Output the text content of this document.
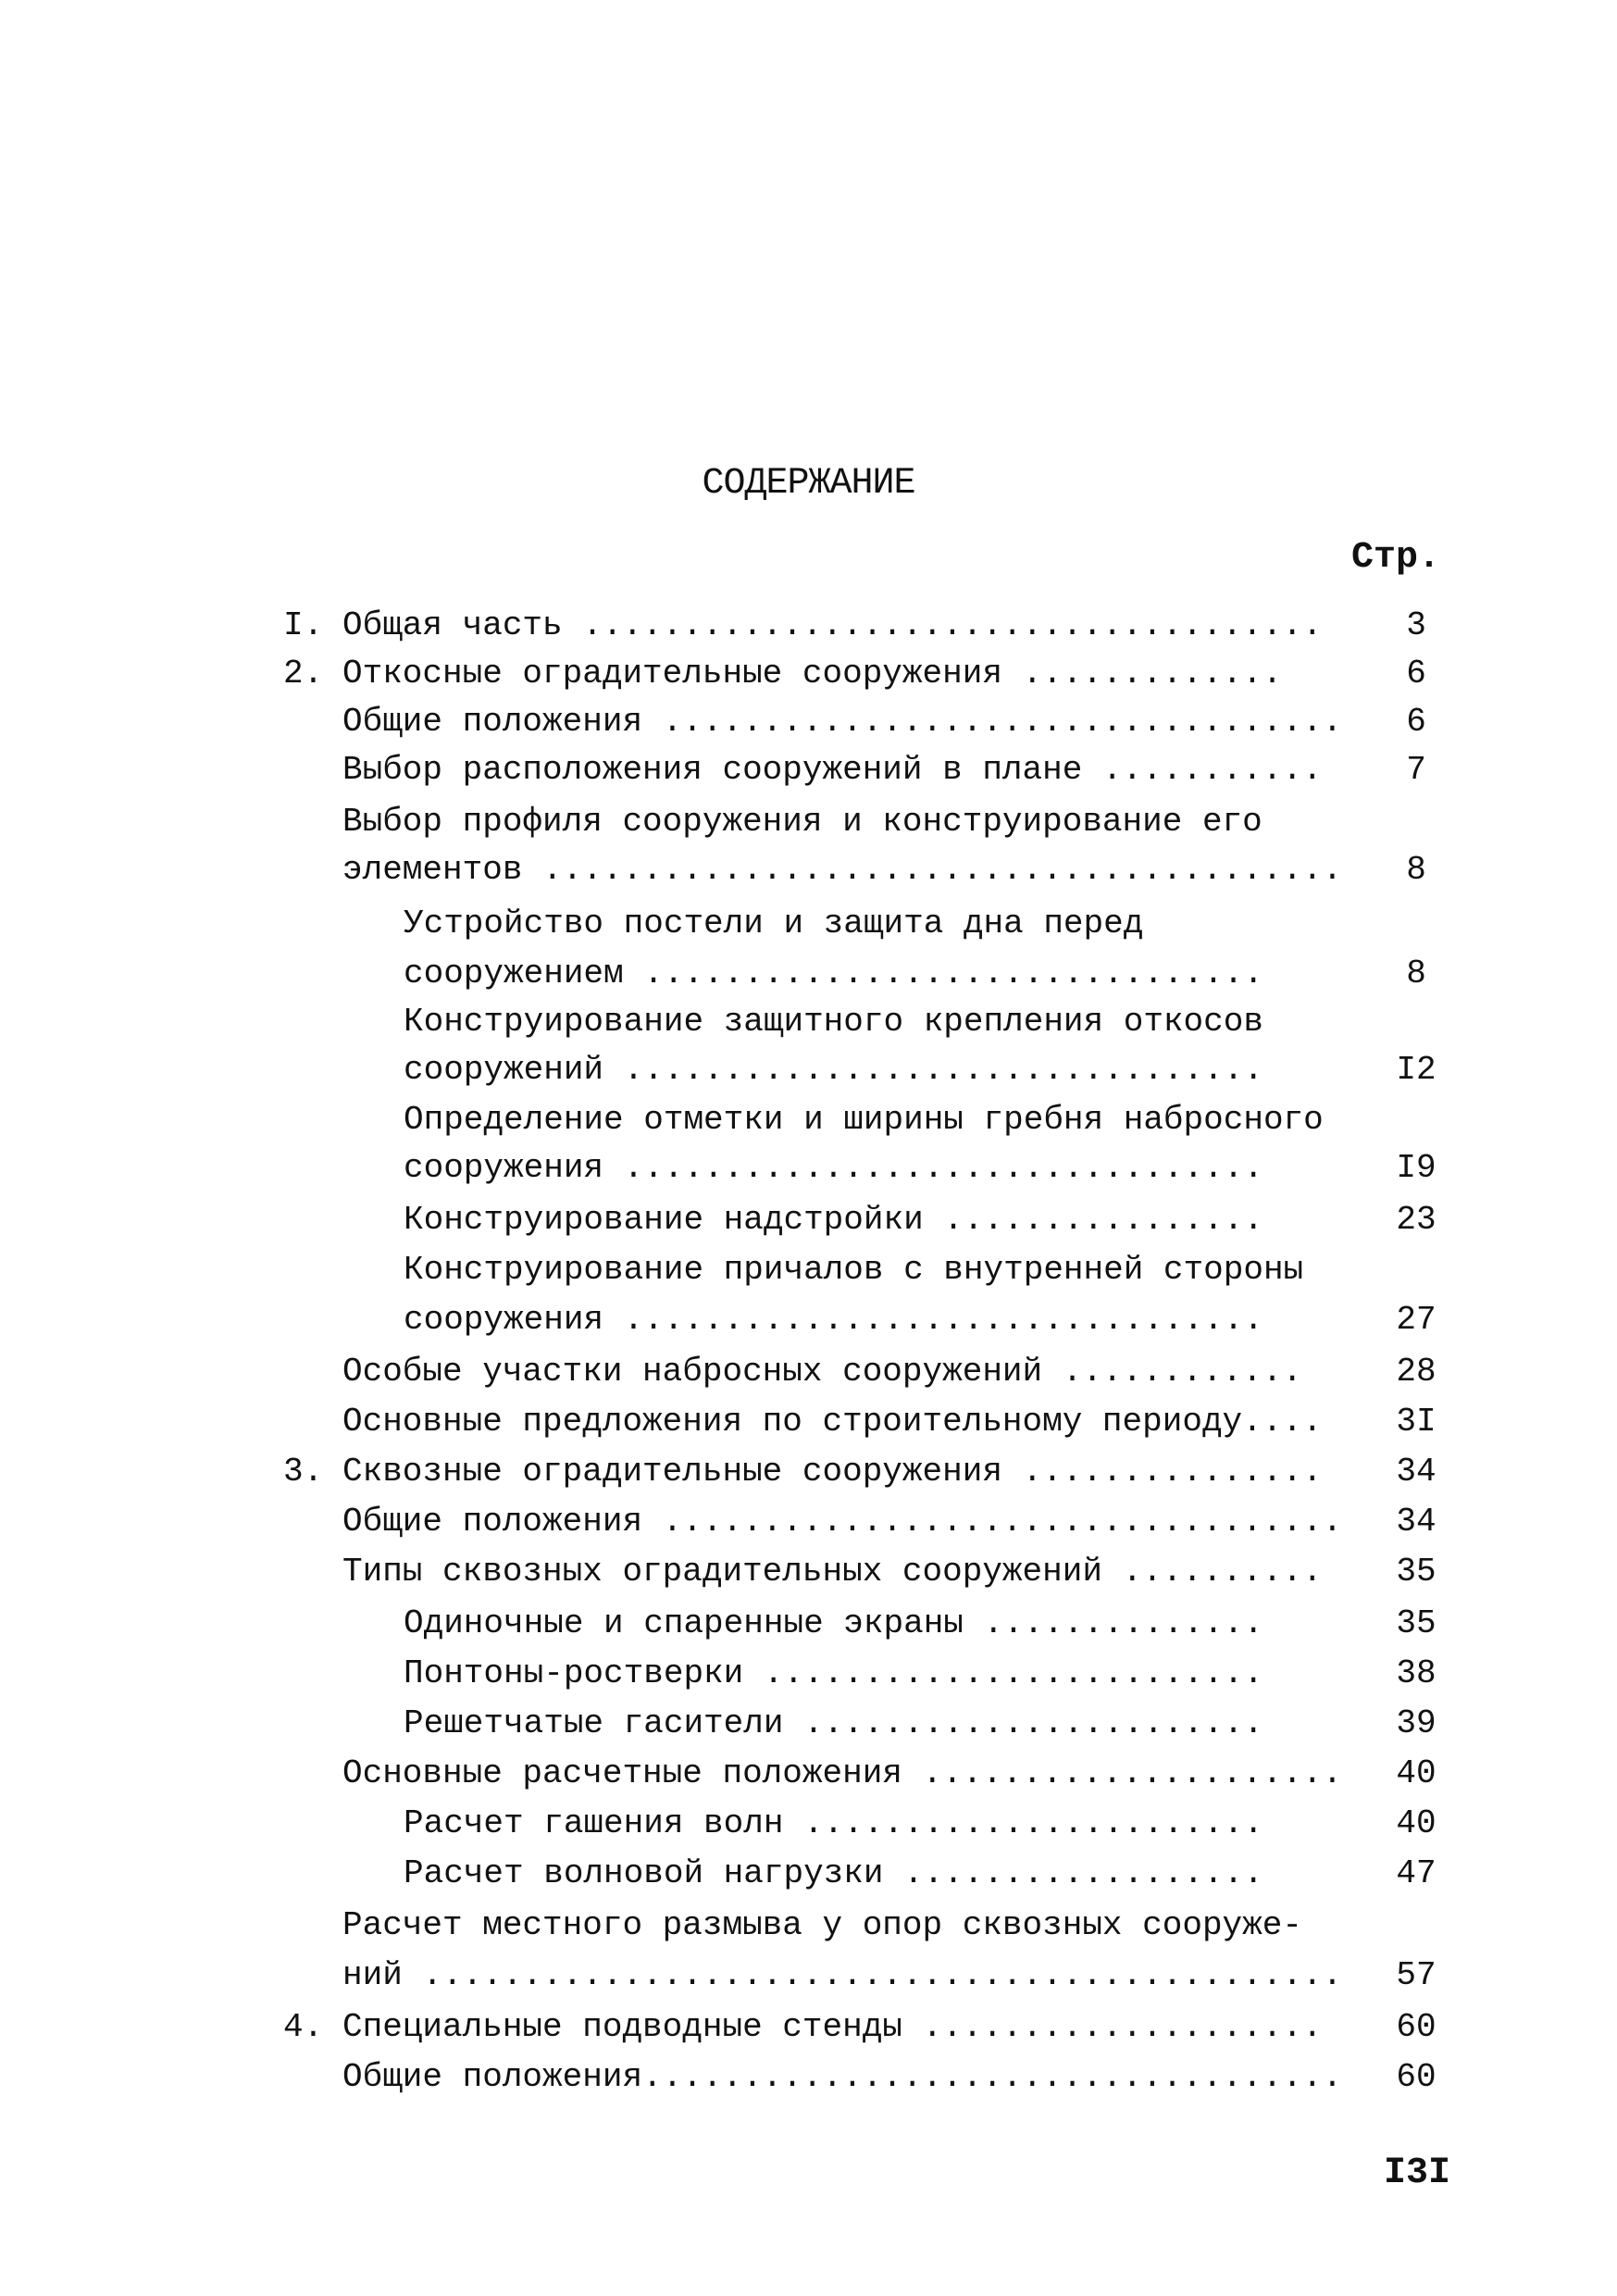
СОДЕРЖАНИЕ
Стр.
I. Общая часть .....................................	3
2. Откосные оградительные сооружения .............	6
Общие положения ..................................	6
Выбор расположения сооружений в плане ...........	7
Выбор профиля сооружения и конструирование его
элементов ........................................	8
Устройство постели и защита дна перед
сооружением ...............................	8
Конструирование защитного крепления откосов
сооружений ................................	I2
Определение отметки и ширины гребня набросного
сооружения ................................	I9
Конструирование надстройки ................	23
Конструирование причалов с внутренней стороны
сооружения ................................	27
Особые участки набросных сооружений ............	28
Основные предложения по строительному периоду....	3I
3. Сквозные оградительные сооружения ...............	34
Общие положения ..................................	34
Типы сквозных оградительных сооружений ..........	35
Одиночные и спаренные экраны ..............	35
Понтоны-ростверки .........................	38
Решетчатые гасители .......................	39
Основные расчетные положения .....................	40
Расчет гашения волн .......................	40
Расчет волновой нагрузки ..................	47
Расчет местного размыва у опор сквозных сооруже-
ний ..............................................	57
4. Специальные подводные стенды ....................	60
Общие положения...................................	60
I3I
